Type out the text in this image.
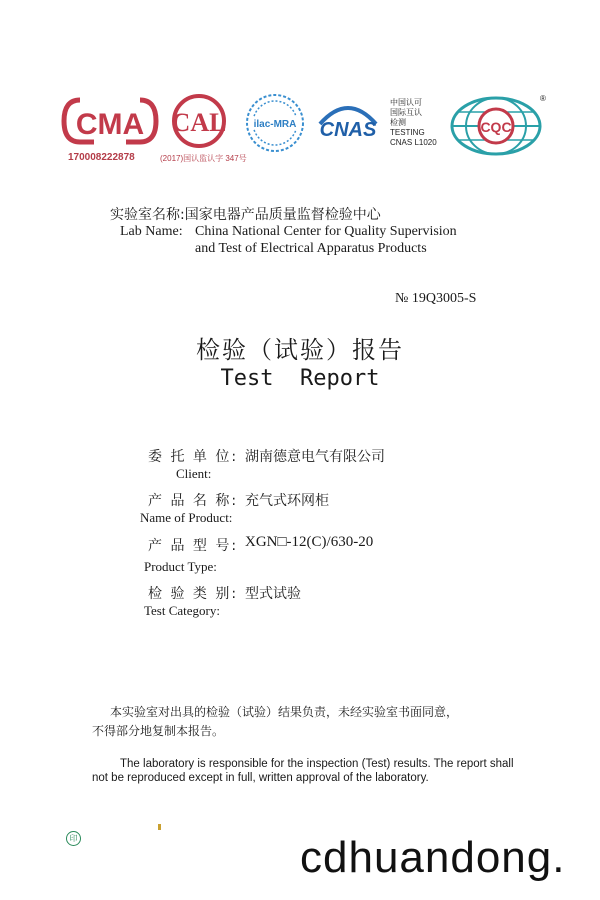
CMA
170008222878
CAL
(2017)国认监认字 347号
ilac-MRA CNAS
中国认可
国际互认
检测
TESTING
CNAS L1020
CQC
®
实验室名称:国家电器产品质量监督检验中心
Lab Name: China National Center for Quality Supervision
and Test of Electrical Apparatus Products
№ 19Q3005-S
检验（试验）报告
Test  Report
委 托 单 位: 湖南德意电气有限公司
Client:
产 品 名 称: 充气式环网柜
Name of Product:
产 品 型 号: XGN□-12(C)/630-20
Product Type:
检 验 类 别: 型式试验
Test Category:
本实验室对出具的检验（试验）结果负责，未经实验室书面同意，
不得部分地复制本报告。
The laboratory is responsible for the inspection (Test) results. The report shall
not be reproduced except in full, written approval of the laboratory.
印	cdhuandong.
